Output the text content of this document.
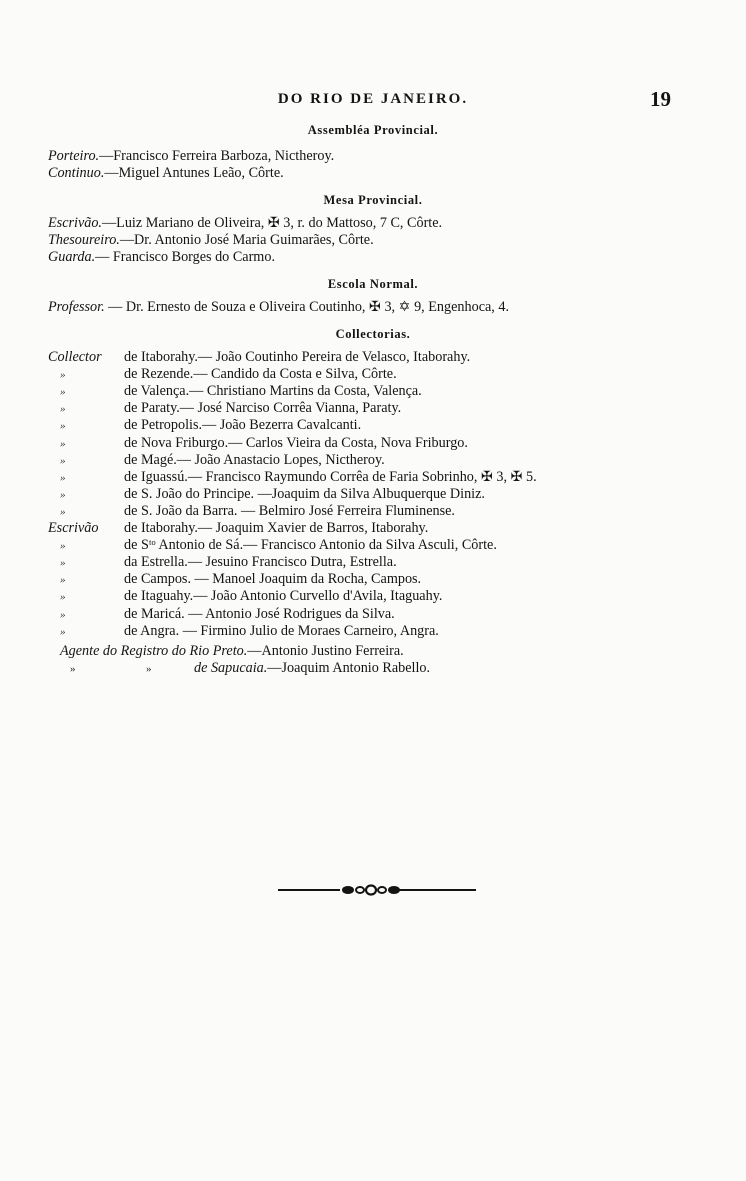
DO RIO DE JANEIRO.	19
Assembléa Provincial.
Porteiro.—Francisco Ferreira Barboza, Nictheroy.
Continuo.—Miguel Antunes Leão, Côrte.
Mesa Provincial.
Escrivão.—Luiz Mariano de Oliveira, ✠ 3, r. do Mattoso, 7 C, Côrte.
Thesoureiro.—Dr. Antonio José Maria Guimarães, Côrte.
Guarda.— Francisco Borges do Carmo.
Escola Normal.
Professor. — Dr. Ernesto de Souza e Oliveira Coutinho, ✠ 3, ✡ 9, Engenhoca, 4.
Collectorias.
Collector de Itaborahy.— João Coutinho Pereira de Velasco, Itaborahy.
»	de Rezende.— Candido da Costa e Silva, Côrte.
»	de Valença.— Christiano Martins da Costa, Valença.
»	de Paraty.— José Narciso Corrêa Vianna, Paraty.
»	de Petropolis.— João Bezerra Cavalcanti.
»	de Nova Friburgo.— Carlos Vieira da Costa, Nova Friburgo.
»	de Magé.— João Anastacio Lopes, Nictheroy.
»	de Iguassú.— Francisco Raymundo Corrêa de Faria Sobrinho, ✠ 3, ✠ 5.
»	de S. João do Principe. —Joaquim da Silva Albuquerque Diniz.
»	de S. João da Barra. — Belmiro José Ferreira Fluminense.
Escrivão de Itaborahy.— Joaquim Xavier de Barros, Itaborahy.
»	de Sᵗᵒ Antonio de Sá.— Francisco Antonio da Silva Asculi, Côrte.
»	da Estrella.— Jesuino Francisco Dutra, Estrella.
»	de Campos. — Manoel Joaquim da Rocha, Campos.
»	de Itaguahy.— João Antonio Curvello d'Avila, Itaguahy.
»	de Maricá. — Antonio José Rodrigues da Silva.
»	de Angra. — Firmino Julio de Moraes Carneiro, Angra.
Agente do Registro do Rio Preto.—Antonio Justino Ferreira.
»	»	de Sapucaia.—Joaquim Antonio Rabello.
